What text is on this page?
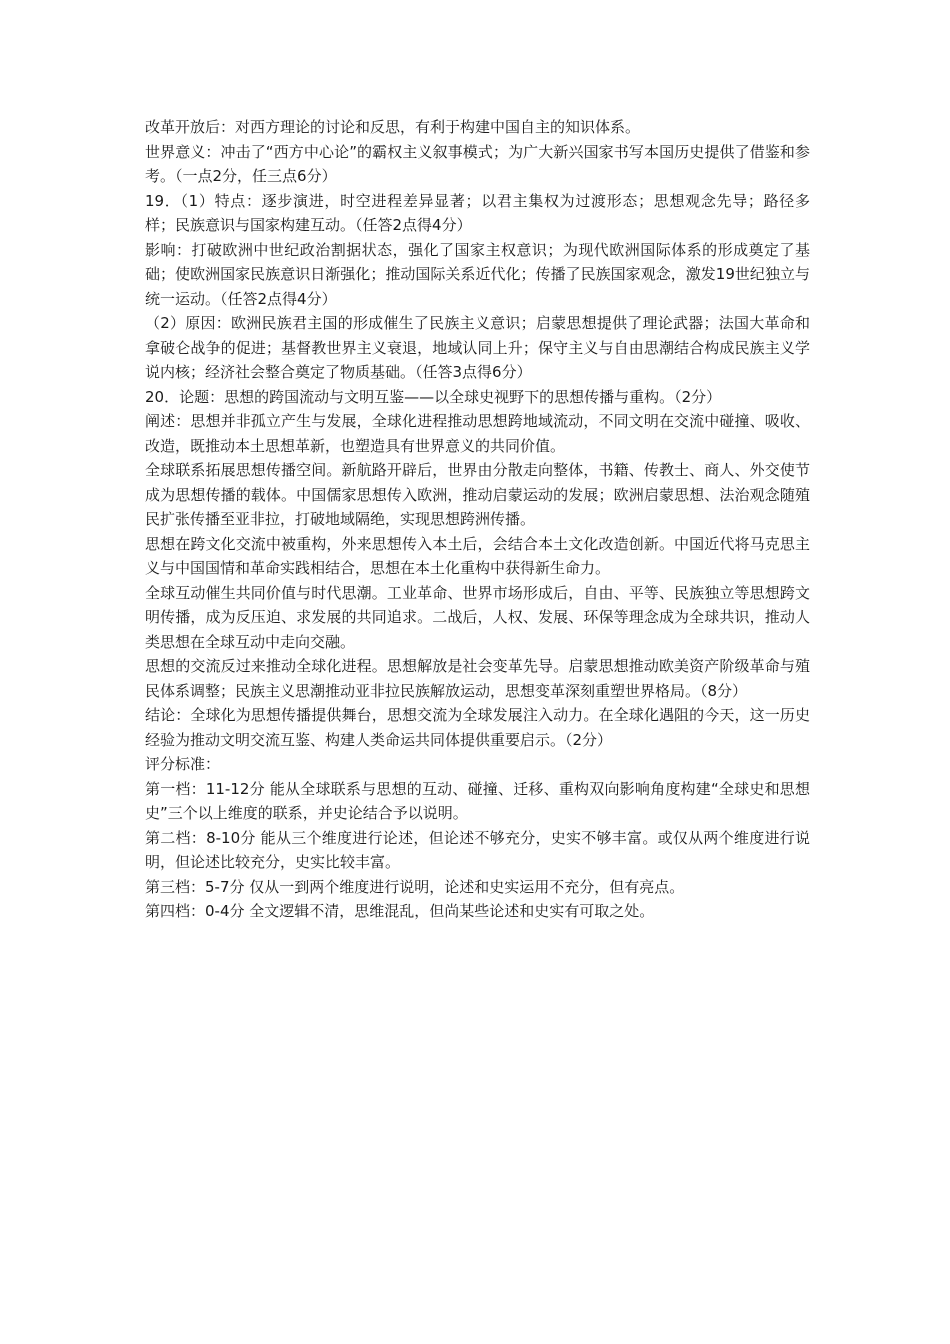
改革开放后：对西方理论的讨论和反思，有利于构建中国自主的知识体系。

世界意义：冲击了“西方中心论”的霸权主义叙事模式；为广大新兴国家书写本国历史提供了借鉴和参考。（一点2分，任三点6分）

19．（1）特点：逐步演进，时空进程差异显著；以君主集权为过渡形态；思想观念先导；路径多样；民族意识与国家构建互动。（任答2点得4分）

影响：打破欧洲中世纪政治割据状态，强化了国家主权意识；为现代欧洲国际体系的形成奠定了基础；使欧洲国家民族意识日渐强化；推动国际关系近代化；传播了民族国家观念，激发19世纪独立与统一运动。（任答2点得4分）

（2）原因：欧洲民族君主国的形成催生了民族主义意识；启蒙思想提供了理论武器；法国大革命和拿破仑战争的促进；基督教世界主义衰退，地域认同上升；保守主义与自由思潮结合构成民族主义学说内核；经济社会整合奠定了物质基础。（任答3点得6分）

20．论题：思想的跨国流动与文明互鉴——以全球史视野下的思想传播与重构。（2分）

阐述：思想并非孤立产生与发展，全球化进程推动思想跨地域流动，不同文明在交流中碰撞、吸收、改造，既推动本土思想革新，也塑造具有世界意义的共同价值。

全球联系拓展思想传播空间。新航路开辟后，世界由分散走向整体，书籍、传教士、商人、外交使节成为思想传播的载体。中国儒家思想传入欧洲，推动启蒙运动的发展；欧洲启蒙思想、法治观念随殖民扩张传播至亚非拉，打破地域隔绝，实现思想跨洲传播。

思想在跨文化交流中被重构，外来思想传入本土后，会结合本土文化改造创新。中国近代将马克思主义与中国国情和革命实践相结合，思想在本土化重构中获得新生命力。

全球互动催生共同价值与时代思潮。工业革命、世界市场形成后，自由、平等、民族独立等思想跨文明传播，成为反压迫、求发展的共同追求。二战后，人权、发展、环保等理念成为全球共识，推动人类思想在全球互动中走向交融。

思想的交流反过来推动全球化进程。思想解放是社会变革先导。启蒙思想推动欧美资产阶级革命与殖民体系调整；民族主义思潮推动亚非拉民族解放运动，思想变革深刻重塑世界格局。（8分）

结论：全球化为思想传播提供舞台，思想交流为全球发展注入动力。在全球化遇阻的今天，这一历史经验为推动文明交流互鉴、构建人类命运共同体提供重要启示。（2分）

评分标准：

第一档：11-12分 能从全球联系与思想的互动、碰撞、迁移、重构双向影响角度构建“全球史和思想史”三个以上维度的联系，并史论结合予以说明。

第二档：8-10分 能从三个维度进行论述，但论述不够充分，史实不够丰富。或仅从两个维度进行说明，但论述比较充分，史实比较丰富。

第三档：5-7分 仅从一到两个维度进行说明，论述和史实运用不充分，但有亮点。

第四档：0-4分 全文逻辑不清，思维混乱，但尚某些论述和史实有可取之处。
